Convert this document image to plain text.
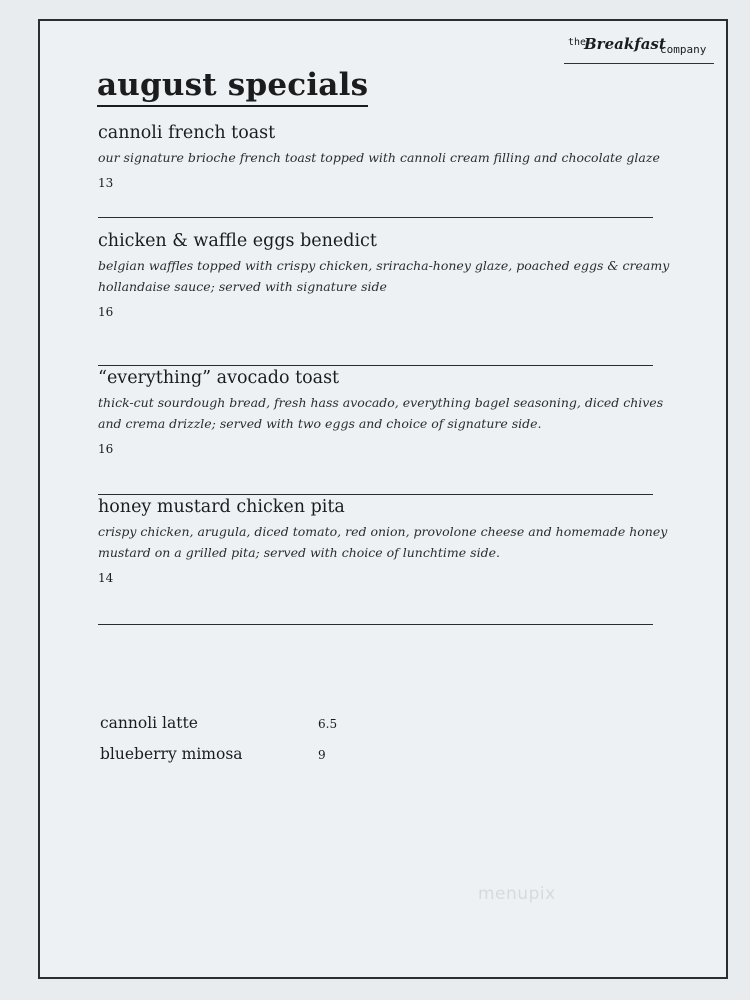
the
Breakfast
company
august specials
cannoli french toast
our signature brioche french toast topped with cannoli cream filling and chocolate glaze
13
chicken & waffle eggs benedict
belgian waffles topped with crispy chicken, sriracha-honey glaze, poached eggs & creamy hollandaise sauce; served with signature side
16
“everything” avocado toast
thick-cut sourdough bread, fresh hass avocado, everything bagel seasoning, diced chives and crema drizzle; served with two eggs and choice of signature side.
16
honey mustard chicken pita
crispy chicken, arugula, diced tomato, red onion, provolone cheese and homemade honey mustard on a grilled pita; served with choice of lunchtime side.
14
cannoli latte	6.5
blueberry mimosa	9
menupix
